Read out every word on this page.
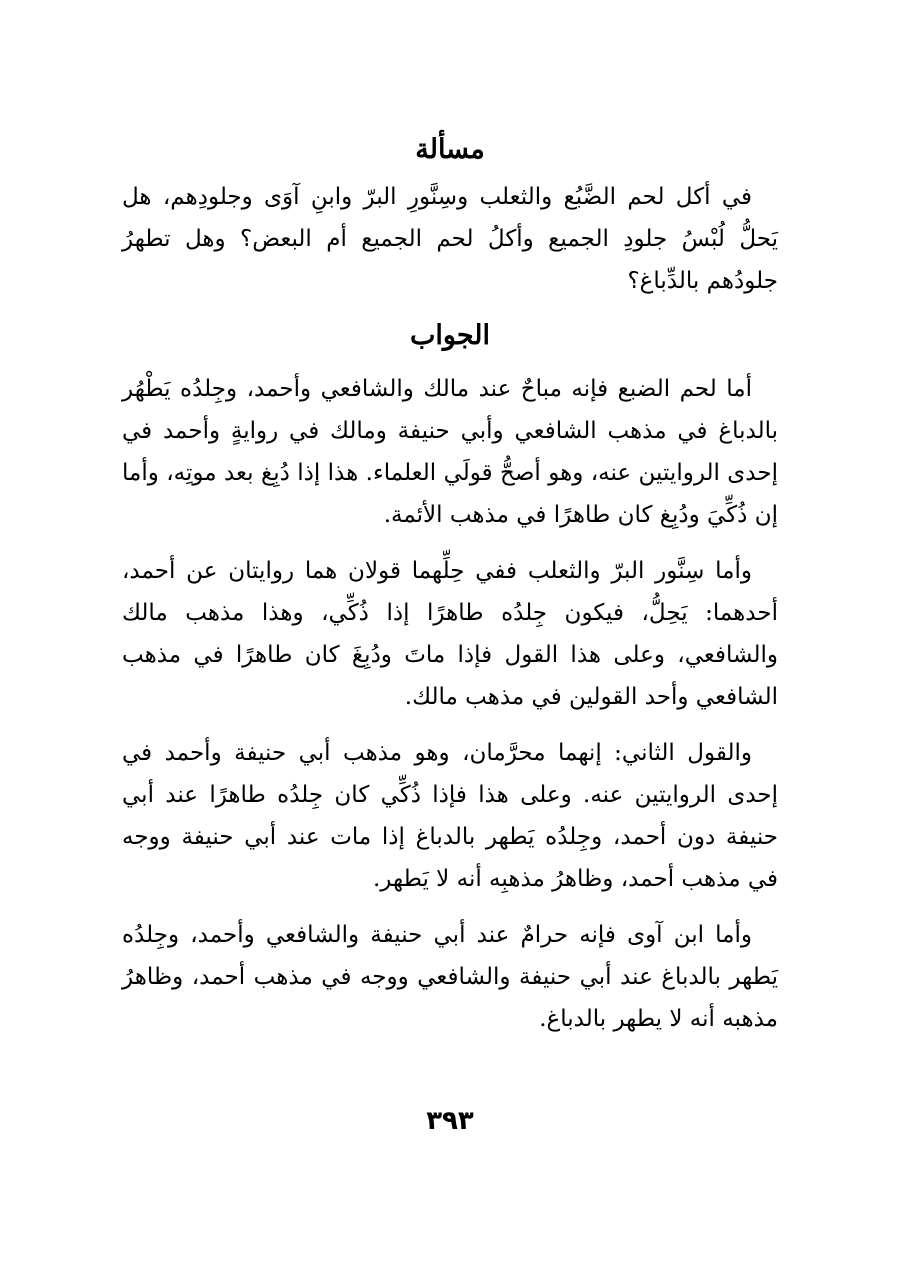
مسألة

في أكل لحم الضَّبُع والثعلب وسِنَّورِ البرّ وابنِ آوَى وجلودِهم، هل يَحلُّ لُبْسُ جلودِ الجميع وأكلُ لحم الجميع أم البعض؟ وهل تطهرُ جلودُهم بالدِّباغ؟

الجواب

أما لحم الضبع فإنه مباحٌ عند مالك والشافعي وأحمد، وجِلدُه يَطْهُر بالدباغ في مذهب الشافعي وأبي حنيفة ومالك في روايةٍ وأحمد في إحدى الروايتين عنه، وهو أصحُّ قولَي العلماء. هذا إذا دُبِغ بعد موتِه، وأما إن ذُكِّيَ ودُبِغ كان طاهرًا في مذهب الأئمة.

وأما سِنَّور البرّ والثعلب ففي حِلِّهما قولان هما روايتان عن أحمد، أحدهما: يَحِلُّ، فيكون جِلدُه طاهرًا إذا ذُكِّي، وهذا مذهب مالك والشافعي، وعلى هذا القول فإذا ماتَ ودُبِغَ كان طاهرًا في مذهب الشافعي وأحد القولين في مذهب مالك.

والقول الثاني: إنهما محرَّمان، وهو مذهب أبي حنيفة وأحمد في إحدى الروايتين عنه. وعلى هذا فإذا ذُكِّي كان جِلدُه طاهرًا عند أبي حنيفة دون أحمد، وجِلدُه يَطهر بالدباغ إذا مات عند أبي حنيفة ووجه في مذهب أحمد، وظاهرُ مذهبِه أنه لا يَطهر.

وأما ابن آوى فإنه حرامٌ عند أبي حنيفة والشافعي وأحمد، وجِلدُه يَطهر بالدباغ عند أبي حنيفة والشافعي ووجه في مذهب أحمد، وظاهرُ مذهبه أنه لا يطهر بالدباغ.

٣٩٣
